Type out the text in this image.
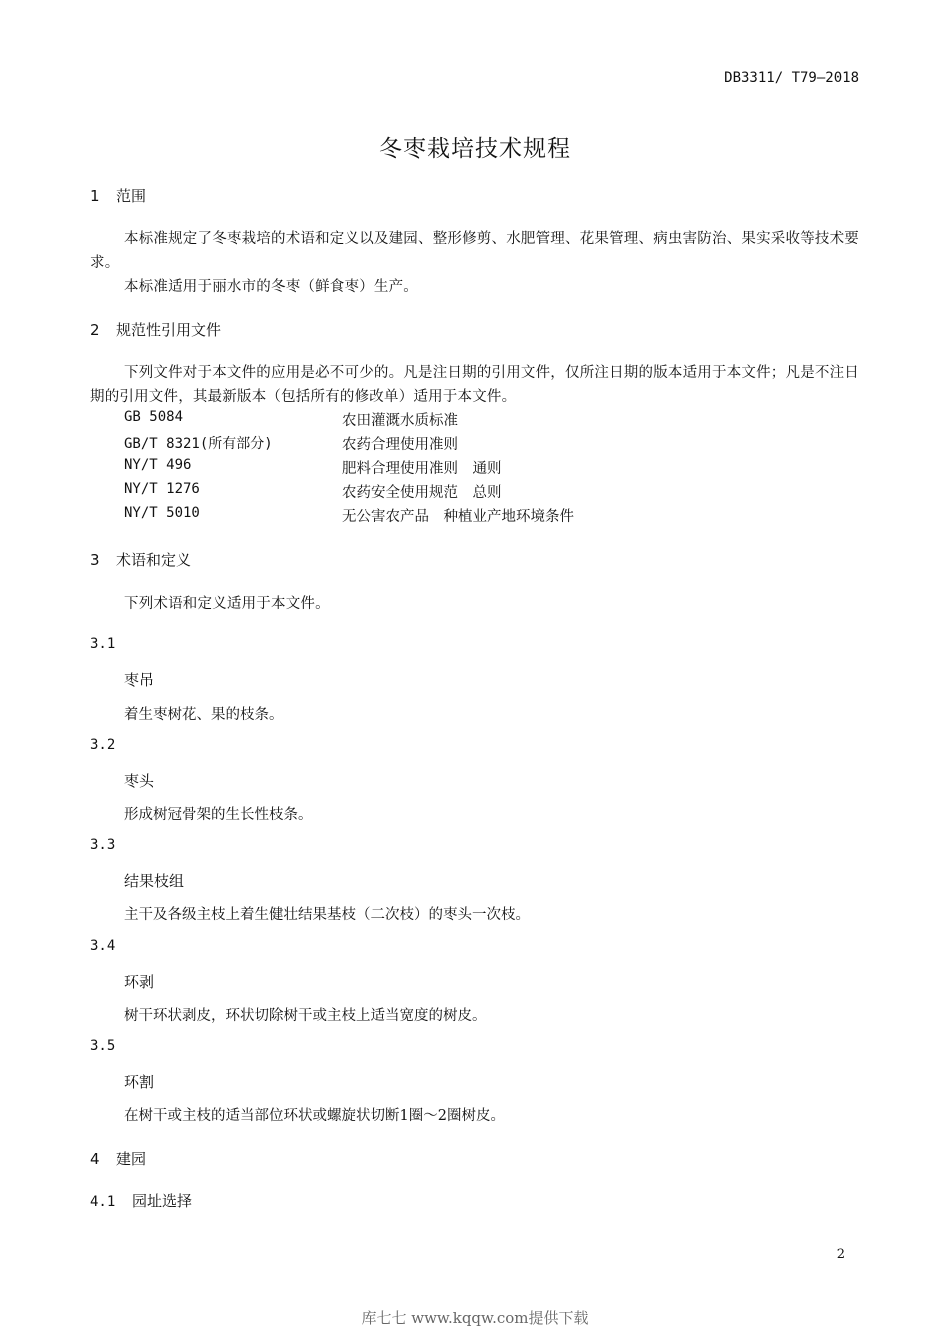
DB3311/ T79—2018
冬枣栽培技术规程
1 范围
本标准规定了冬枣栽培的术语和定义以及建园、整形修剪、水肥管理、花果管理、病虫害防治、果实采收等技术要求。
本标准适用于丽水市的冬枣（鲜食枣）生产。
2 规范性引用文件
下列文件对于本文件的应用是必不可少的。凡是注日期的引用文件，仅所注日期的版本适用于本文件；凡是不注日期的引用文件，其最新版本（包括所有的修改单）适用于本文件。
GB 5084	农田灌溉水质标准
GB/T 8321(所有部分)	农药合理使用准则
NY/T 496	肥料合理使用准则　通则
NY/T 1276	农药安全使用规范　总则
NY/T 5010	无公害农产品　种植业产地环境条件
3 术语和定义
下列术语和定义适用于本文件。
3.1
枣吊
着生枣树花、果的枝条。
3.2
枣头
形成树冠骨架的生长性枝条。
3.3
结果枝组
主干及各级主枝上着生健壮结果基枝（二次枝）的枣头一次枝。
3.4
环剥
树干环状剥皮，环状切除树干或主枝上适当宽度的树皮。
3.5
环割
在树干或主枝的适当部位环状或螺旋状切断1圈～2圈树皮。
4 建园
4.1 园址选择
2
库七七 www.kqqw.com提供下载
